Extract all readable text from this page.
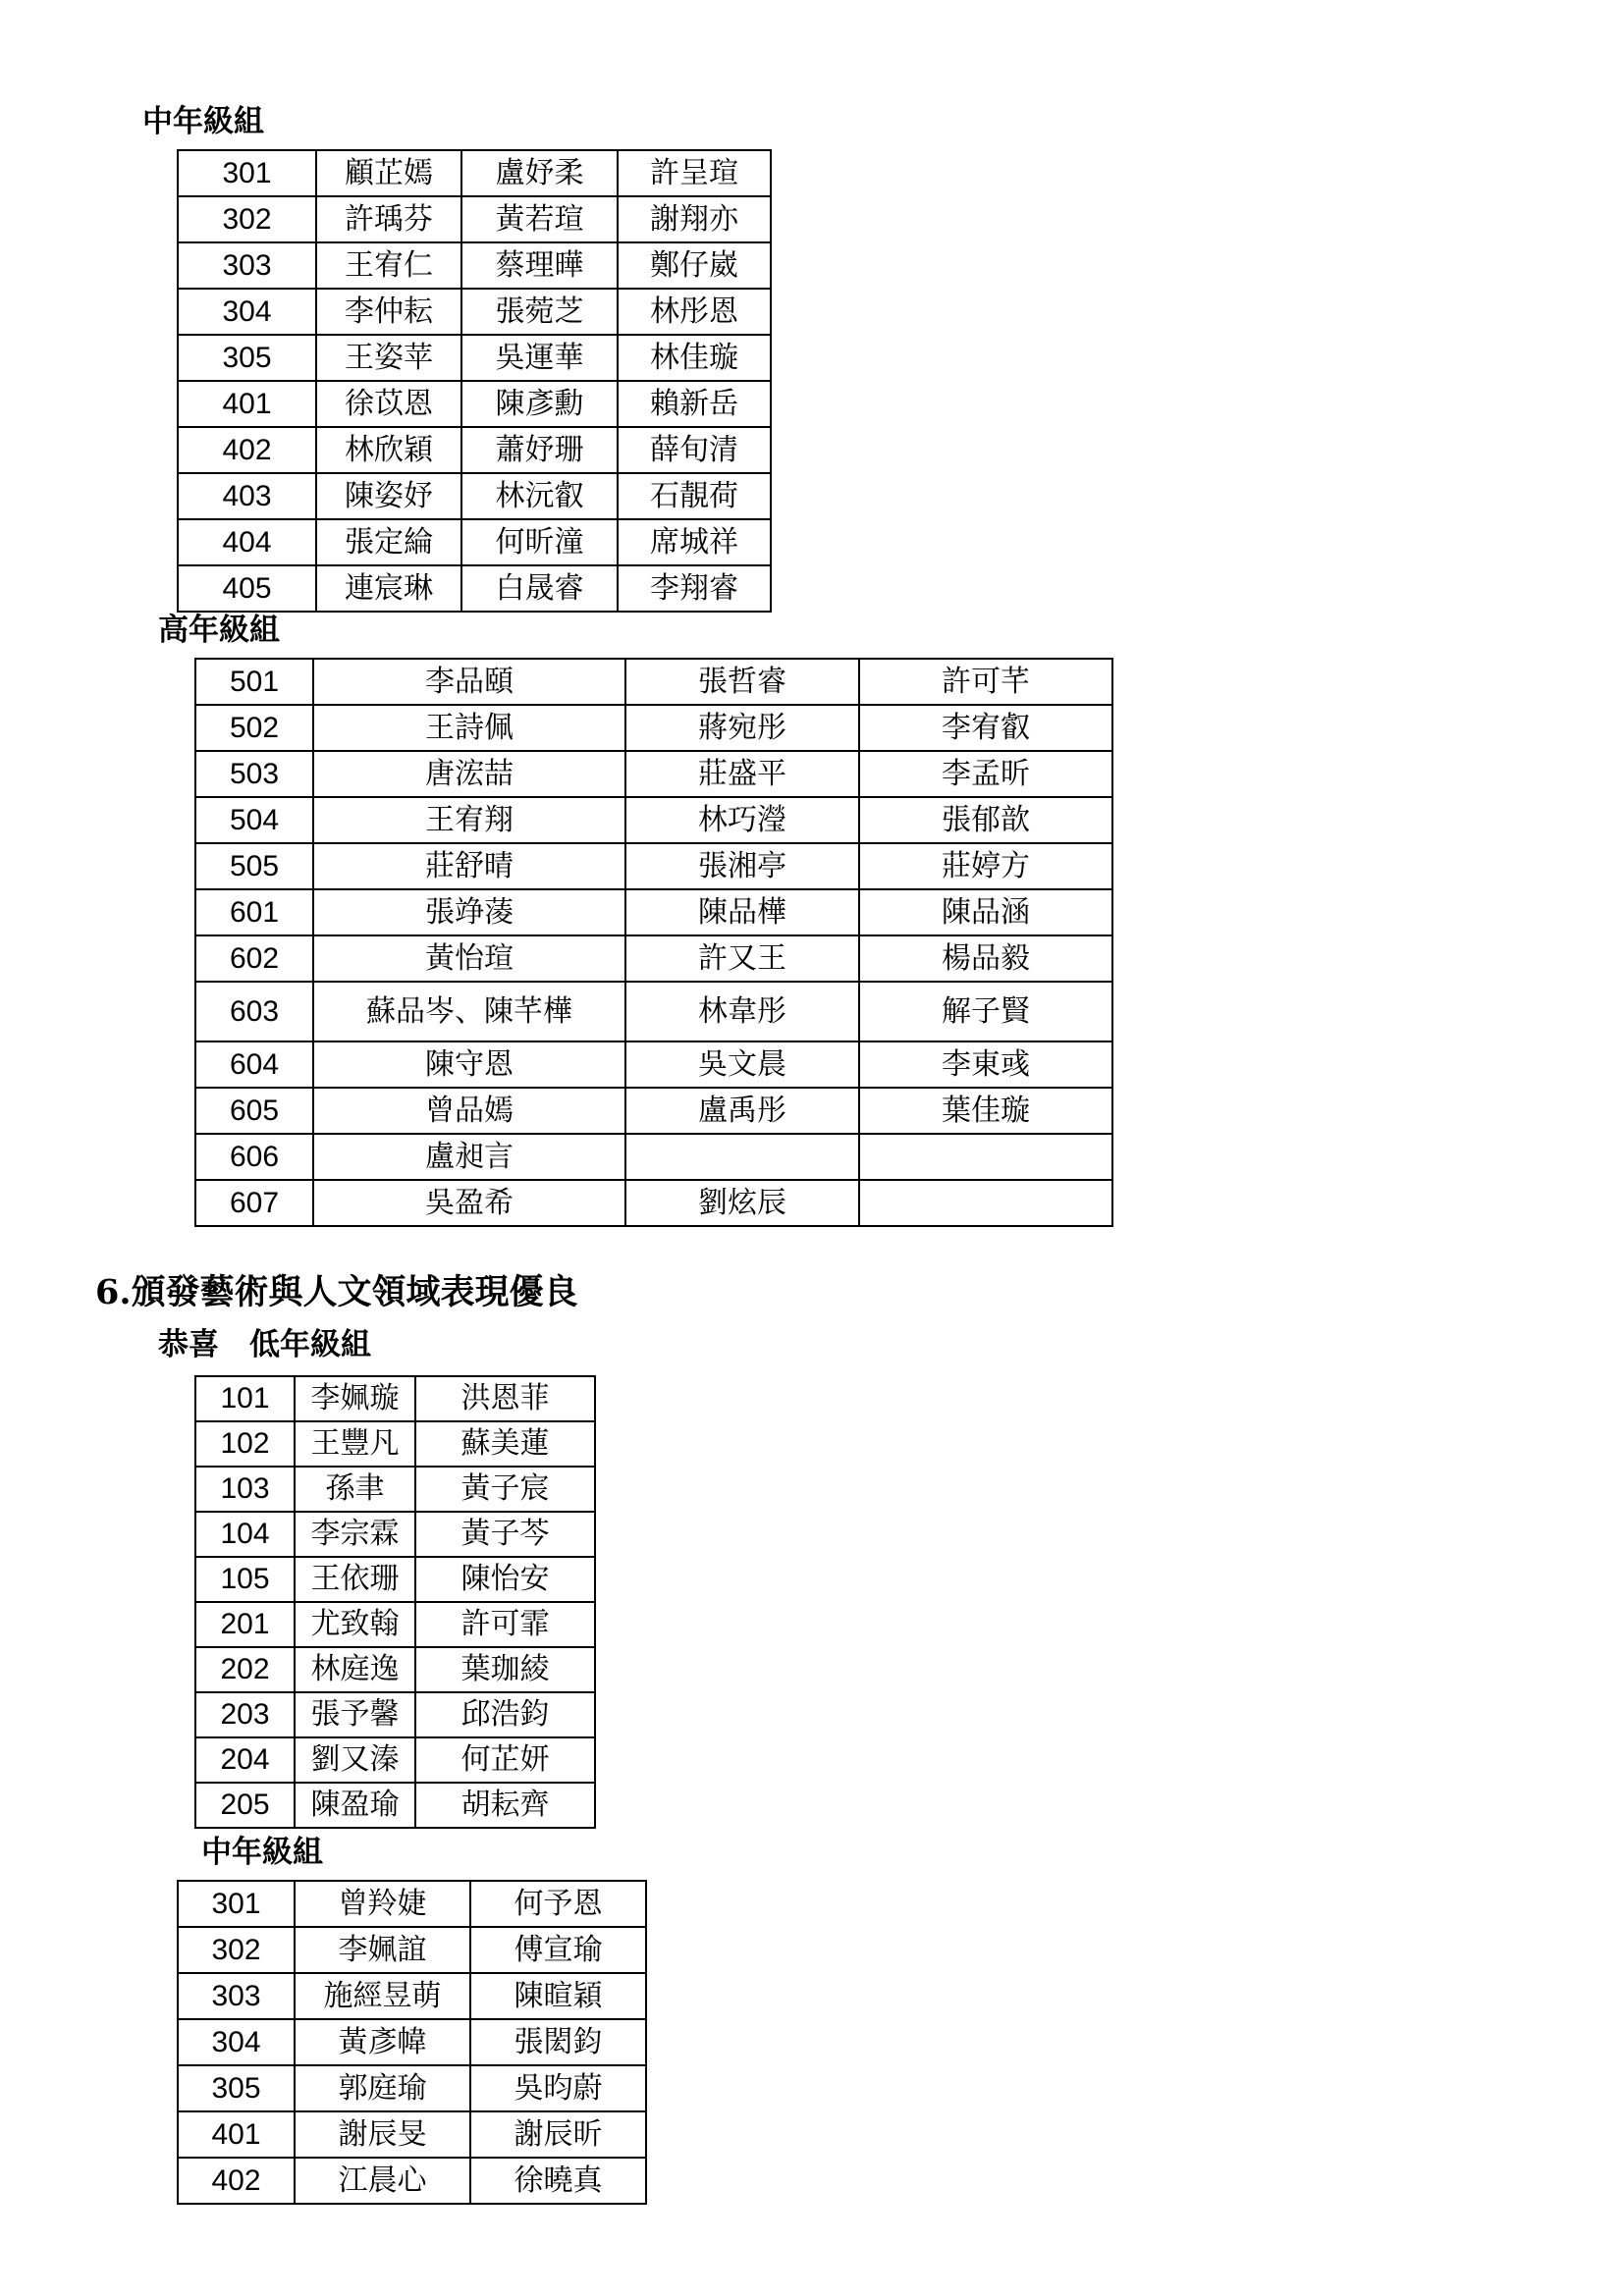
中年級組
高年級組
6.頒發藝術與人文領域表現優良
恭喜　低年級組
中年級組
301	顧芷嫣	盧妤柔	許呈瑄
302	許瑀芬	黃若瑄	謝翔亦
303	王宥仁	蔡理曄	鄭仔崴
304	李仲耘	張菀芝	林彤恩
305	王姿苹	吳運華	林佳璇
401	徐苡恩	陳彥勳	賴新岳
402	林欣穎	蕭妤珊	薛旬清
403	陳姿妤	林沅叡	石靚荷
404	張定綸	何昕潼	席城祥
405	連宸琳	白晟睿	李翔睿
501	李品頤	張哲睿	許可芊
502	王詩佩	蔣宛彤	李宥叡
503	唐浤喆	莊盛平	李孟昕
504	王宥翔	林巧瀅	張郁歆
505	莊舒晴	張湘亭	莊婷方
601	張竫蓤	陳品樺	陳品涵
602	黃怡瑄	許又王	楊品毅
603	蘇品岑、陳芊樺	林韋彤	解子賢
604	陳守恩	吳文晨	李東彧
605	曾品嫣	盧禹彤	葉佳璇
606	盧昶言		
607	吳盈希	劉炫辰	
101	李姵璇	洪恩菲
102	王豐凡	蘇美蓮
103	孫聿	黃子宸
104	李宗霖	黃子芩
105	王依珊	陳怡安
201	尤致翰	許可霏
202	林庭逸	葉珈綾
203	張予馨	邱浩鈞
204	劉又溱	何芷妍
205	陳盈瑜	胡耘齊
301	曾羚婕	何予恩
302	李姵誼	傅宣瑜
303	施經昱萌	陳暄穎
304	黃彥幃	張閎鈞
305	郭庭瑜	吳昀蔚
401	謝辰旻	謝辰昕
402	江晨心	徐曉真
